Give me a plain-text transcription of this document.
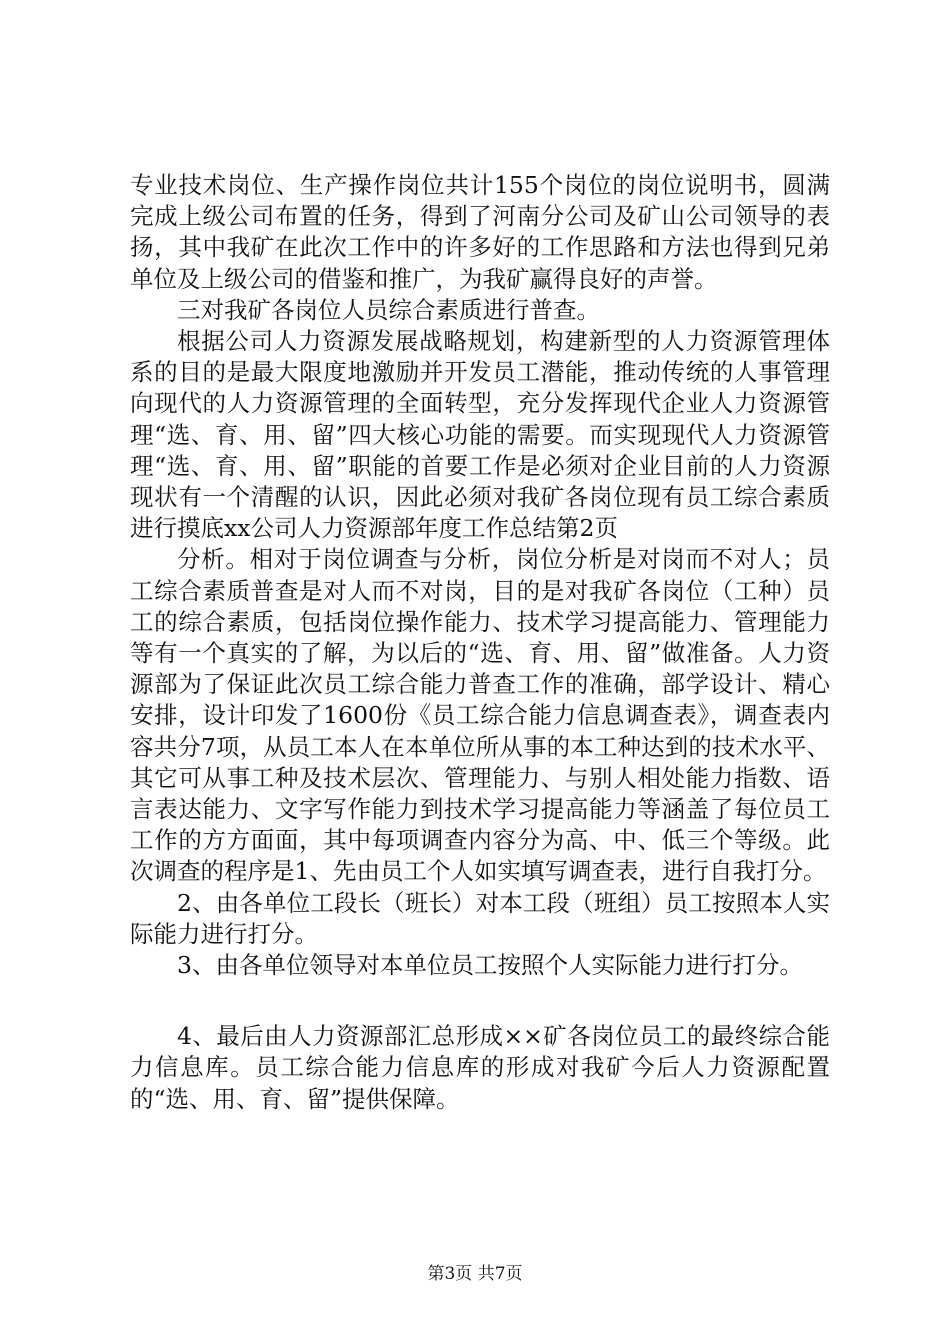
专业技术岗位、生产操作岗位共计155个岗位的岗位说明书，圆满完成上级公司布置的任务，得到了河南分公司及矿山公司领导的表扬，其中我矿在此次工作中的许多好的工作思路和方法也得到兄弟单位及上级公司的借鉴和推广，为我矿赢得良好的声誉。

三对我矿各岗位人员综合素质进行普查。

根据公司人力资源发展战略规划，构建新型的人力资源管理体系的目的是最大限度地激励并开发员工潜能，推动传统的人事管理向现代的人力资源管理的全面转型，充分发挥现代企业人力资源管理“选、育、用、留”四大核心功能的需要。而实现现代人力资源管理“选、育、用、留”职能的首要工作是必须对企业目前的人力资源现状有一个清醒的认识，因此必须对我矿各岗位现有员工综合素质进行摸底xx公司人力资源部年度工作总结第2页

分析。相对于岗位调查与分析，岗位分析是对岗而不对人；员工综合素质普查是对人而不对岗，目的是对我矿各岗位（工种）员工的综合素质，包括岗位操作能力、技术学习提高能力、管理能力等有一个真实的了解，为以后的“选、育、用、留”做准备。人力资源部为了保证此次员工综合能力普查工作的准确，部学设计、精心安排，设计印发了1600份《员工综合能力信息调查表》，调查表内容共分7项，从员工本人在本单位所从事的本工种达到的技术水平、其它可从事工种及技术层次、管理能力、与别人相处能力指数、语言表达能力、文字写作能力到技术学习提高能力等涵盖了每位员工工作的方方面面，其中每项调查内容分为高、中、低三个等级。此次调查的程序是1、先由员工个人如实填写调查表，进行自我打分。

2、由各单位工段长（班长）对本工段（班组）员工按照本人实际能力进行打分。

3、由各单位领导对本单位员工按照个人实际能力进行打分。

4、最后由人力资源部汇总形成××矿各岗位员工的最终综合能力信息库。员工综合能力信息库的形成对我矿今后人力资源配置的“选、用、育、留”提供保障。

第3页 共7页
